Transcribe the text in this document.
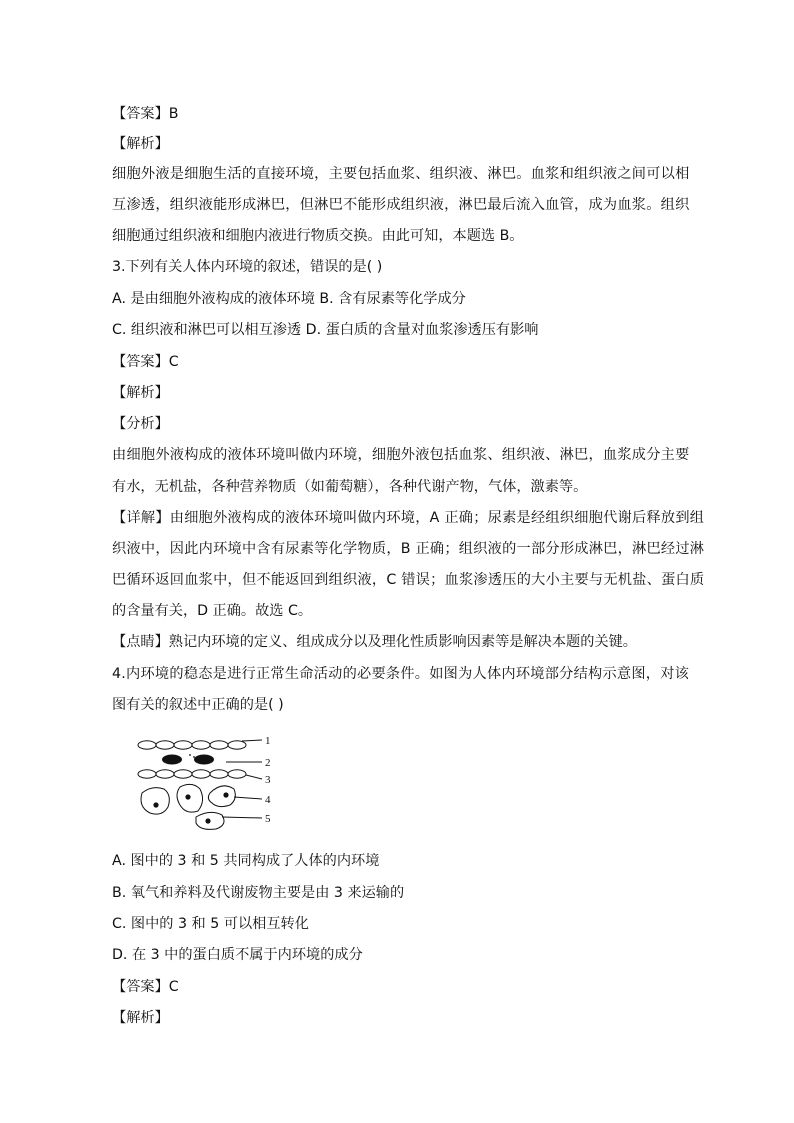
【答案】B
【解析】
细胞外液是细胞生活的直接环境，主要包括血浆、组织液、淋巴。血浆和组织液之间可以相
互渗透，组织液能形成淋巴，但淋巴不能形成组织液，淋巴最后流入血管，成为血浆。组织
细胞通过组织液和细胞内液进行物质交换。由此可知，本题选 B。
3.下列有关人体内环境的叙述，错误的是( )
A. 是由细胞外液构成的液体环境 B. 含有尿素等化学成分
C. 组织液和淋巴可以相互渗透 D. 蛋白质的含量对血浆渗透压有影响
【答案】C
【解析】
【分析】
由细胞外液构成的液体环境叫做内环境，细胞外液包括血浆、组织液、淋巴，血浆成分主要
有水，无机盐，各种营养物质（如葡萄糖），各种代谢产物，气体，激素等。
【详解】由细胞外液构成的液体环境叫做内环境，A 正确；尿素是经组织细胞代谢后释放到组
织液中，因此内环境中含有尿素等化学物质，B 正确；组织液的一部分形成淋巴，淋巴经过淋
巴循环返回血浆中，但不能返回到组织液，C 错误；血浆渗透压的大小主要与无机盐、蛋白质
的含量有关，D 正确。故选 C。
【点睛】熟记内环境的定义、组成成分以及理化性质影响因素等是解决本题的关键。
4.内环境的稳态是进行正常生命活动的必要条件。如图为人体内环境部分结构示意图，对该
图有关的叙述中正确的是( )
1
2
3
4
5
A. 图中的 3 和 5 共同构成了人体的内环境
B. 氧气和养料及代谢废物主要是由 3 来运输的
C. 图中的 3 和 5 可以相互转化
D. 在 3 中的蛋白质不属于内环境的成分
【答案】C
【解析】
